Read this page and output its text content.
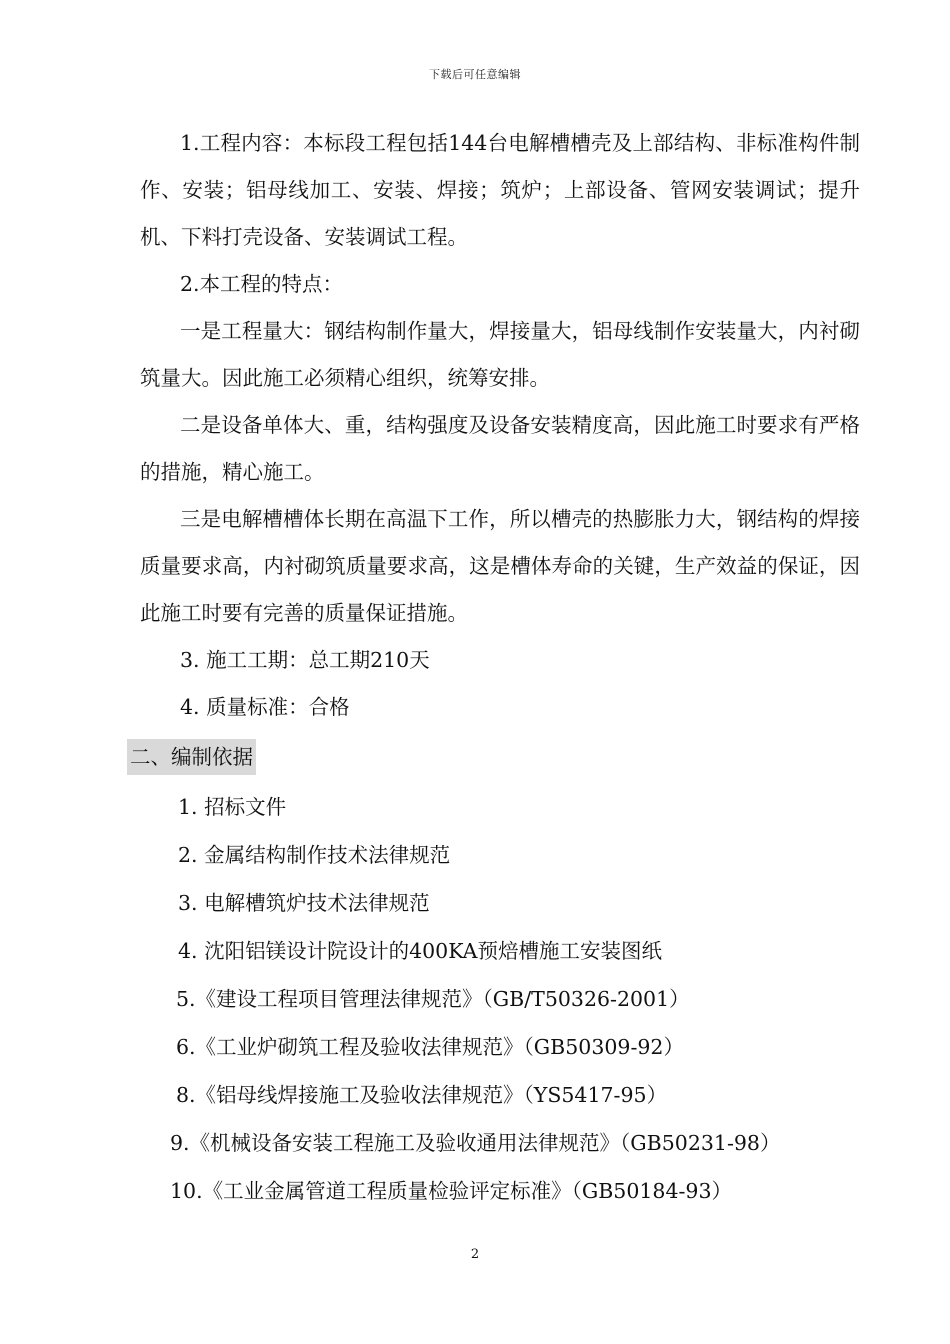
下载后可任意编辑

1.工程内容：本标段工程包括144台电解槽槽壳及上部结构、非标准构件制作、安装；铝母线加工、安装、焊接；筑炉；上部设备、管网安装调试；提升机、下料打壳设备、安装调试工程。

2.本工程的特点：

一是工程量大：钢结构制作量大，焊接量大，铝母线制作安装量大，内衬砌筑量大。因此施工必须精心组织，统筹安排。

二是设备单体大、重，结构强度及设备安装精度高，因此施工时要求有严格的措施，精心施工。

三是电解槽槽体长期在高温下工作，所以槽壳的热膨胀力大，钢结构的焊接质量要求高，内衬砌筑质量要求高，这是槽体寿命的关键，生产效益的保证，因此施工时要有完善的质量保证措施。

3. 施工工期：总工期210天

4. 质量标准：合格

二、编制依据
1. 招标文件
2. 金属结构制作技术法律规范
3. 电解槽筑炉技术法律规范
4. 沈阳铝镁设计院设计的400KA预焙槽施工安装图纸
5.《建设工程项目管理法律规范》（GB/T50326-2001）
6.《工业炉砌筑工程及验收法律规范》（GB50309-92）
8.《铝母线焊接施工及验收法律规范》（YS5417-95）
9.《机械设备安装工程施工及验收通用法律规范》（GB50231-98）
10.《工业金属管道工程质量检验评定标准》（GB50184-93）
2
